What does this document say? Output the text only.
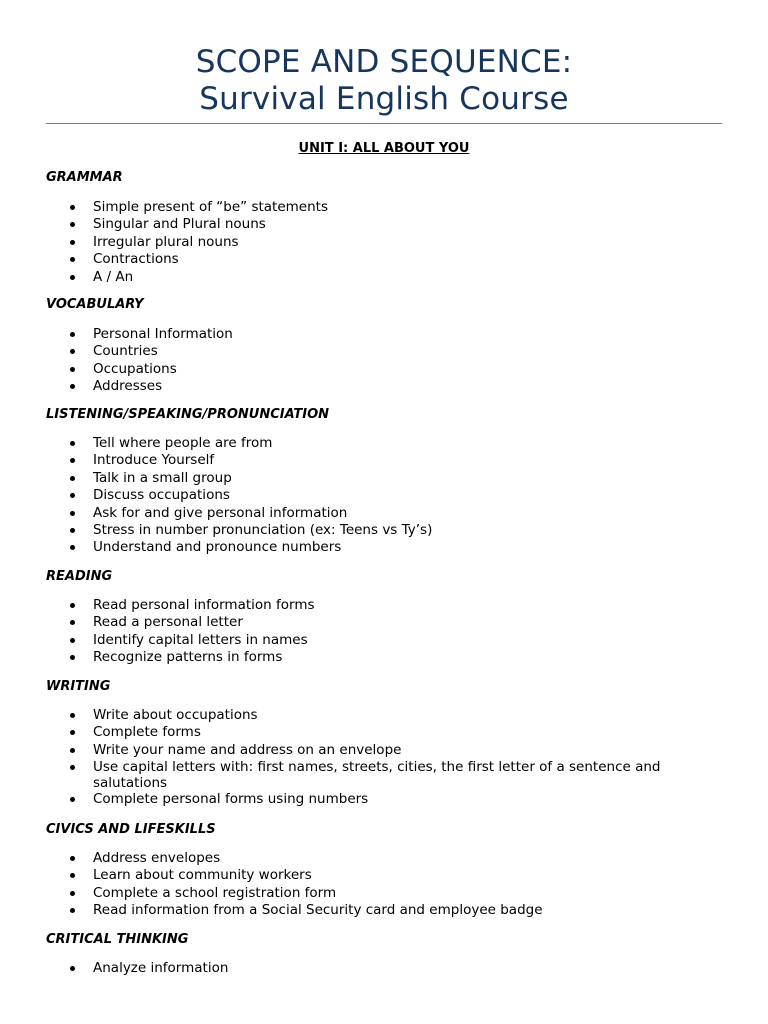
SCOPE AND SEQUENCE:
Survival English Course
UNIT I: ALL ABOUT YOU
GRAMMAR
Simple present of “be” statements
Singular and Plural nouns
Irregular plural nouns
Contractions
A / An
VOCABULARY
Personal Information
Countries
Occupations
Addresses
LISTENING/SPEAKING/PRONUNCIATION
Tell where people are from
Introduce Yourself
Talk in a small group
Discuss occupations
Ask for and give personal information
Stress in number pronunciation (ex: Teens vs Ty’s)
Understand and pronounce numbers
READING
Read personal information forms
Read a personal letter
Identify capital letters in names
Recognize patterns in forms
WRITING
Write about occupations
Complete forms
Write your name and address on an envelope
Use capital letters with: first names, streets, cities, the first letter of a sentence and salutations
Complete personal forms using numbers
CIVICS AND LIFESKILLS
Address envelopes
Learn about community workers
Complete a school registration form
Read information from a Social Security card and employee badge
CRITICAL THINKING
Analyze information
